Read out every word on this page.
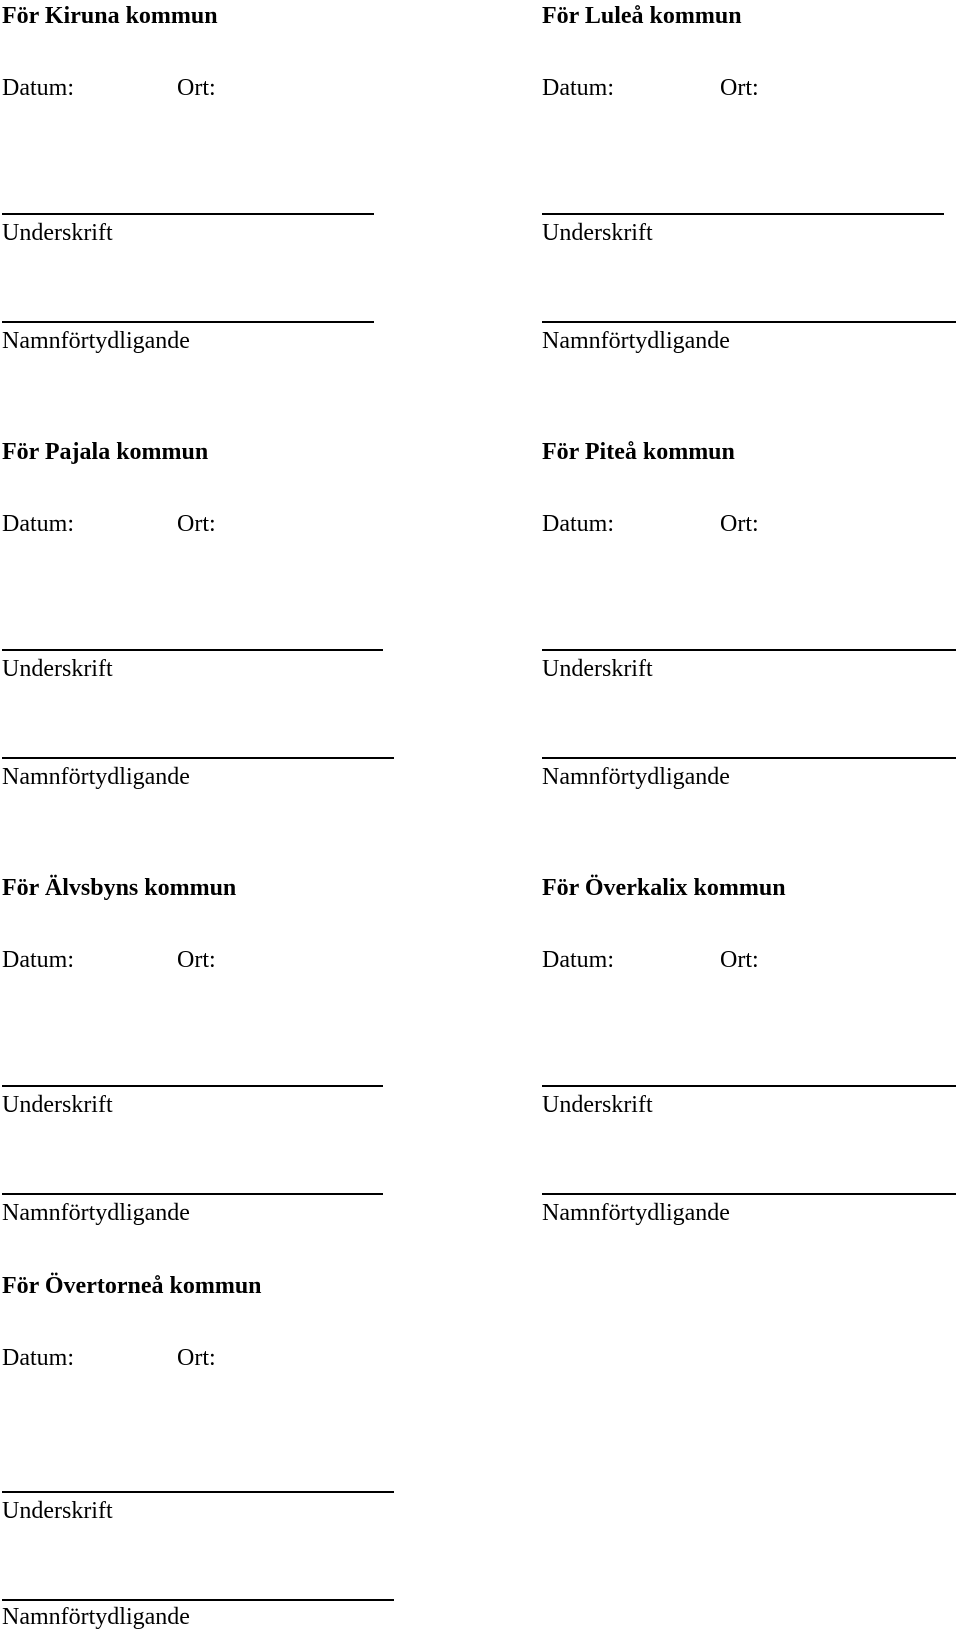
För Kiruna kommun
Datum:	Ort:
Underskrift
Namnförtydligande
För Luleå kommun
Datum:	Ort:
Underskrift
Namnförtydligande
För Pajala kommun
Datum:	Ort:
Underskrift
Namnförtydligande
För Piteå kommun
Datum:	Ort:
Underskrift
Namnförtydligande
För Älvsbyns kommun
Datum:	Ort:
Underskrift
Namnförtydligande
För Överkalix kommun
Datum:	Ort:
Underskrift
Namnförtydligande
För Övertorneå kommun
Datum:	Ort:
Underskrift
Namnförtydligande
